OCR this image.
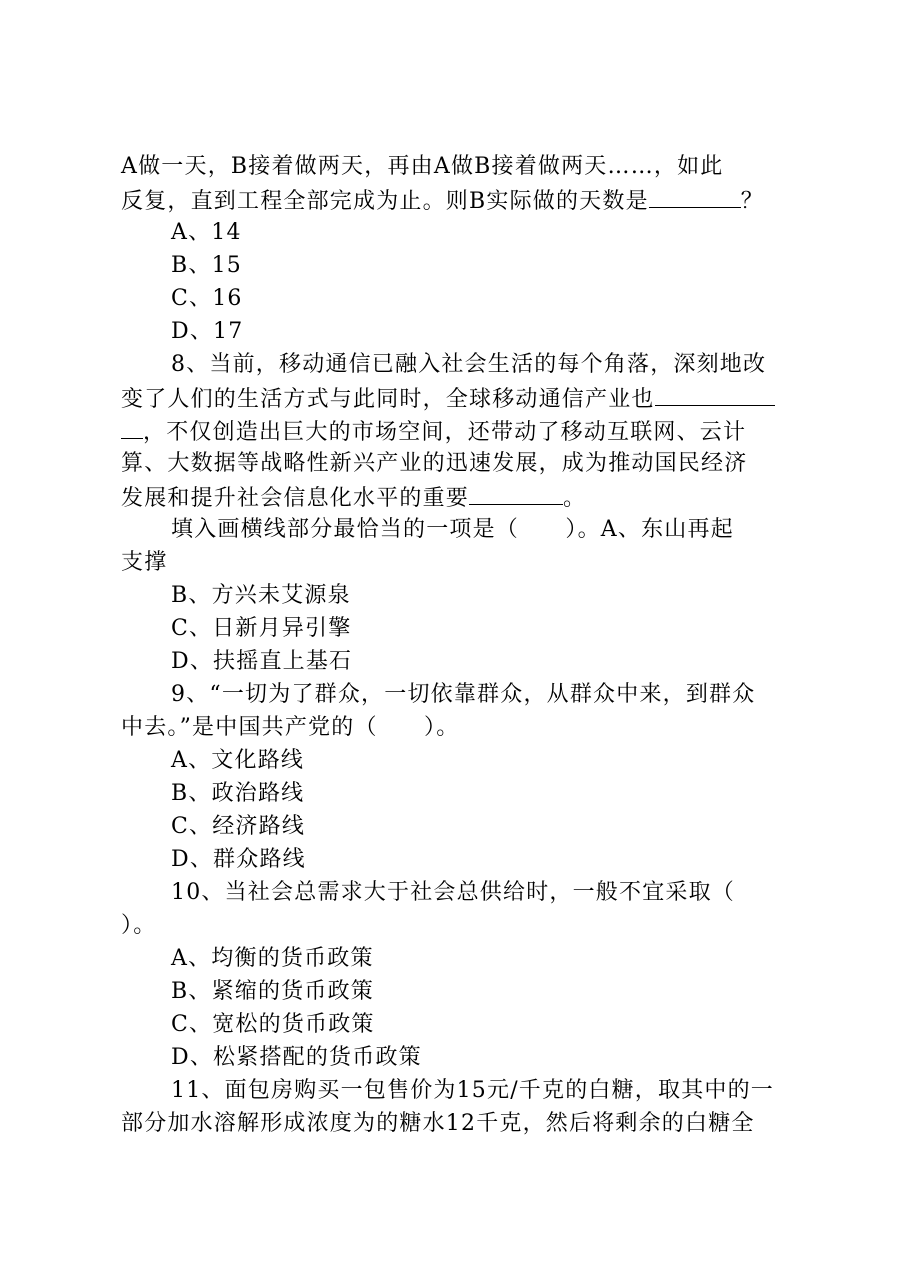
A做一天，B接着做两天，再由A做B接着做两天……，如此
反复，直到工程全部完成为止。则B实际做的天数是	？
A、14
B、15
C、16
D、17
8、当前，移动通信已融入社会生活的每个角落，深刻地改
变了人们的生活方式与此同时，全球移动通信产业也
，不仅创造出巨大的市场空间，还带动了移动互联网、云计
算、大数据等战略性新兴产业的迅速发展，成为推动国民经济
发展和提升社会信息化水平的重要	。
填入画横线部分最恰当的一项是（　　）。A、东山再起
支撑
B、方兴未艾源泉
C、日新月异引擎
D、扶摇直上基石
9、“一切为了群众，一切依靠群众，从群众中来，到群众
中去。”是中国共产党的（　　）。
A、文化路线
B、政治路线
C、经济路线
D、群众路线
10、当社会总需求大于社会总供给时，一般不宜采取（
）。
A、均衡的货币政策
B、紧缩的货币政策
C、宽松的货币政策
D、松紧搭配的货币政策
11、面包房购买一包售价为15元/千克的白糖，取其中的一
部分加水溶解形成浓度为的糖水12千克，然后将剩余的白糖全
